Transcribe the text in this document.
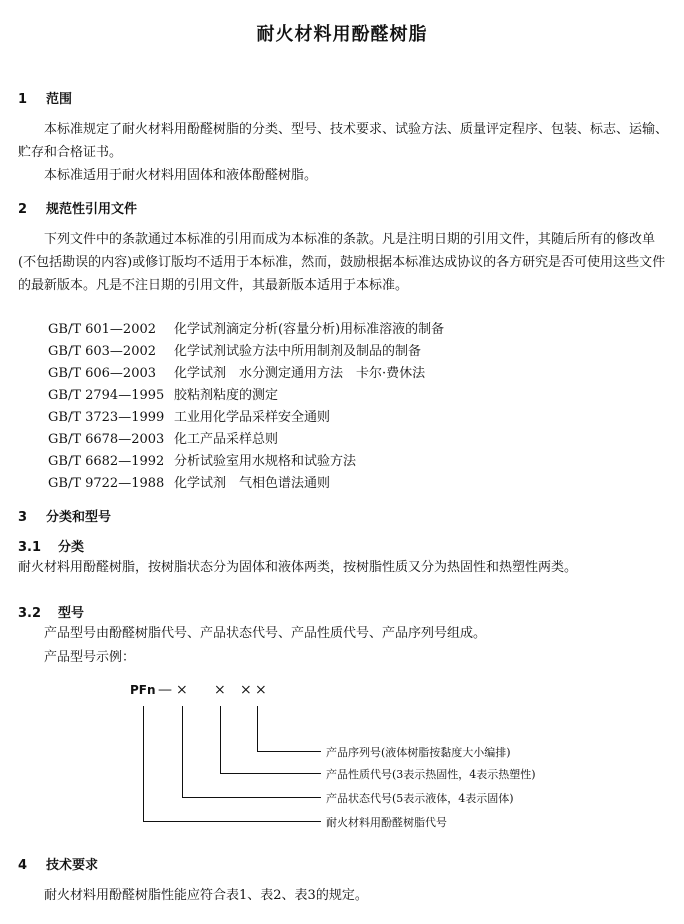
耐火材料用酚醛树脂
1 范围
本标准规定了耐火材料用酚醛树脂的分类、型号、技术要求、试验方法、质量评定程序、包装、标志、运输、贮存和合格证书。
本标准适用于耐火材料用固体和液体酚醛树脂。
2 规范性引用文件
下列文件中的条款通过本标准的引用而成为本标准的条款。凡是注明日期的引用文件，其随后所有的修改单(不包括勘误的内容)或修订版均不适用于本标准，然而，鼓励根据本标准达成协议的各方研究是否可使用这些文件的最新版本。凡是不注日期的引用文件，其最新版本适用于本标准。
GB/T 601—2002 化学试剂滴定分析(容量分析)用标准溶液的制备
GB/T 603—2002 化学试剂试验方法中所用制剂及制品的制备
GB/T 606—2003 化学试剂　水分测定通用方法　卡尔·费休法
GB/T 2794—1995 胶粘剂粘度的测定
GB/T 3723—1999 工业用化学品采样安全通则
GB/T 6678—2003 化工产品采样总则
GB/T 6682—1992 分析试验室用水规格和试验方法
GB/T 9722—1988 化学试剂　气相色谱法通则
3 分类和型号
3.1 分类
耐火材料用酚醛树脂，按树脂状态分为固体和液体两类，按树脂性质又分为热固性和热塑性两类。
3.2 型号
产品型号由酚醛树脂代号、产品状态代号、产品性质代号、产品序列号组成。
产品型号示例：
PFn — × × × ×
产品序列号(液体树脂按黏度大小编排)
产品性质代号(3表示热固性，4表示热塑性)
产品状态代号(5表示液体，4表示固体)
耐火材料用酚醛树脂代号
4 技术要求
耐火材料用酚醛树脂性能应符合表1、表2、表3的规定。
